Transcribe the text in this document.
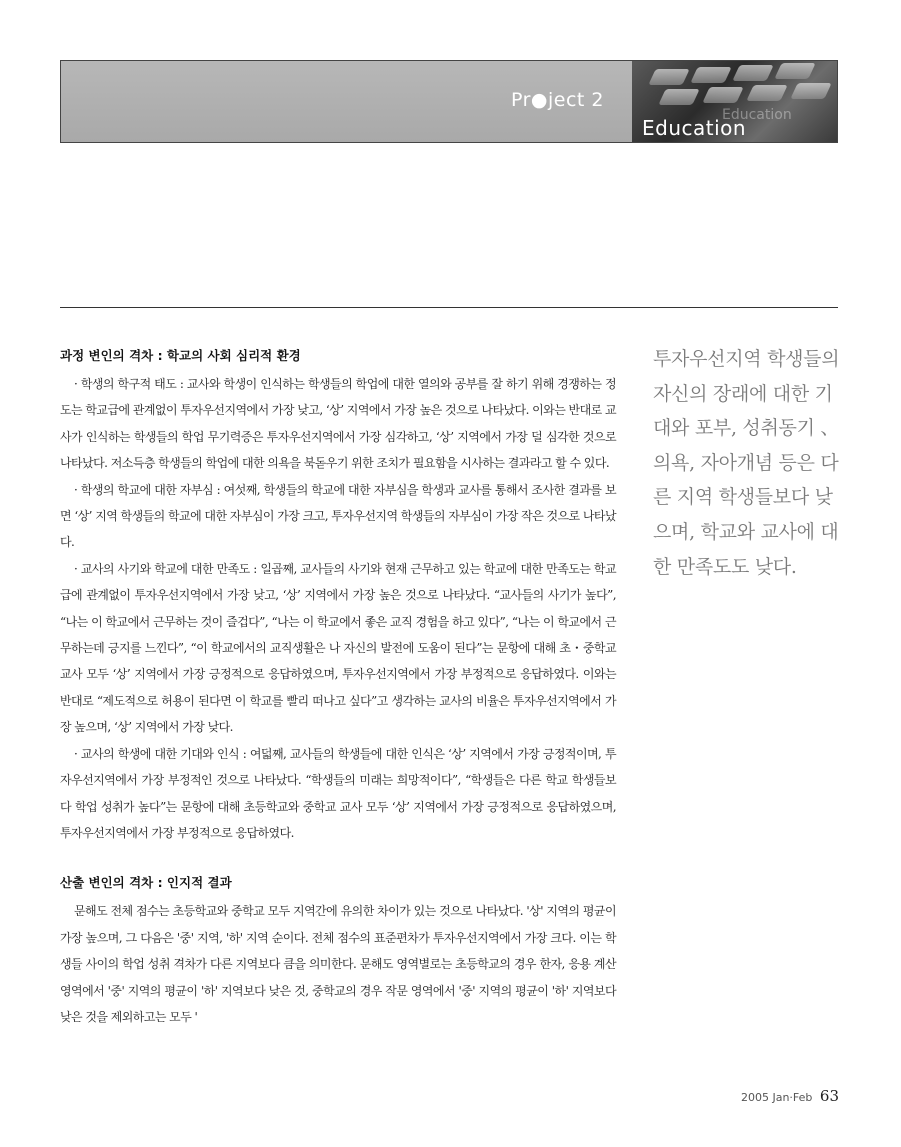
Pr●ject 2
Education
Education
과정 변인의 격차 : 학교의 사회 심리적 환경

· 학생의 학구적 태도 : 교사와 학생이 인식하는 학생들의 학업에 대한 열의와 공부를 잘 하기 위해 경쟁하는 정도는 학교급에 관계없이 투자우선지역에서 가장 낮고, ‘상’ 지역에서 가장 높은 것으로 나타났다. 이와는 반대로 교사가 인식하는 학생들의 학업 무기력증은 투자우선지역에서 가장 심각하고, ‘상’ 지역에서 가장 덜 심각한 것으로 나타났다. 저소득층 학생들의 학업에 대한 의욕을 북돋우기 위한 조치가 필요함을 시사하는 결과라고 할 수 있다.

· 학생의 학교에 대한 자부심 : 여섯째, 학생들의 학교에 대한 자부심을 학생과 교사를 통해서 조사한 결과를 보면 ‘상’ 지역 학생들의 학교에 대한 자부심이 가장 크고, 투자우선지역 학생들의 자부심이 가장 작은 것으로 나타났다.

· 교사의 사기와 학교에 대한 만족도 : 일곱째, 교사들의 사기와 현재 근무하고 있는 학교에 대한 만족도는 학교급에 관계없이 투자우선지역에서 가장 낮고, ‘상’ 지역에서 가장 높은 것으로 나타났다. “교사들의 사기가 높다”, “나는 이 학교에서 근무하는 것이 즐겁다”, “나는 이 학교에서 좋은 교직 경험을 하고 있다”, “나는 이 학교에서 근무하는데 긍지를 느낀다”, “이 학교에서의 교직생활은 나 자신의 발전에 도움이 된다”는 문항에 대해 초・중학교 교사 모두 ‘상’ 지역에서 가장 긍정적으로 응답하였으며, 투자우선지역에서 가장 부정적으로 응답하였다. 이와는 반대로 “제도적으로 허용이 된다면 이 학교를 빨리 떠나고 싶다”고 생각하는 교사의 비율은 투자우선지역에서 가장 높으며, ‘상’ 지역에서 가장 낮다.

· 교사의 학생에 대한 기대와 인식 : 여덟째, 교사들의 학생들에 대한 인식은 ‘상’ 지역에서 가장 긍정적이며, 투자우선지역에서 가장 부정적인 것으로 나타났다. “학생들의 미래는 희망적이다”, “학생들은 다른 학교 학생들보다 학업 성취가 높다”는 문항에 대해 초등학교와 중학교 교사 모두 ‘상’ 지역에서 가장 긍정적으로 응답하였으며, 투자우선지역에서 가장 부정적으로 응답하였다.

산출 변인의 격차 : 인지적 결과

문해도 전체 점수는 초등학교와 중학교 모두 지역간에 유의한 차이가 있는 것으로 나타났다. '상' 지역의 평균이 가장 높으며, 그 다음은 '중' 지역, '하' 지역 순이다. 전체 점수의 표준편차가 투자우선지역에서 가장 크다. 이는 학생들 사이의 학업 성취 격차가 다른 지역보다 큼을 의미한다. 문해도 영역별로는 초등학교의 경우 한자, 응용 계산 영역에서 '중' 지역의 평균이 '하' 지역보다 낮은 것, 중학교의 경우 작문 영역에서 '중' 지역의 평균이 '하' 지역보다 낮은 것을 제외하고는 모두 '

투자우선지역 학생들의 자신의 장래에 대한 기대와 포부, 성취동기 、의욕, 자아개념 등은 다른 지역 학생들보다 낮으며, 학교와 교사에 대한 만족도도 낮다.
2005 Jan·Feb 63
